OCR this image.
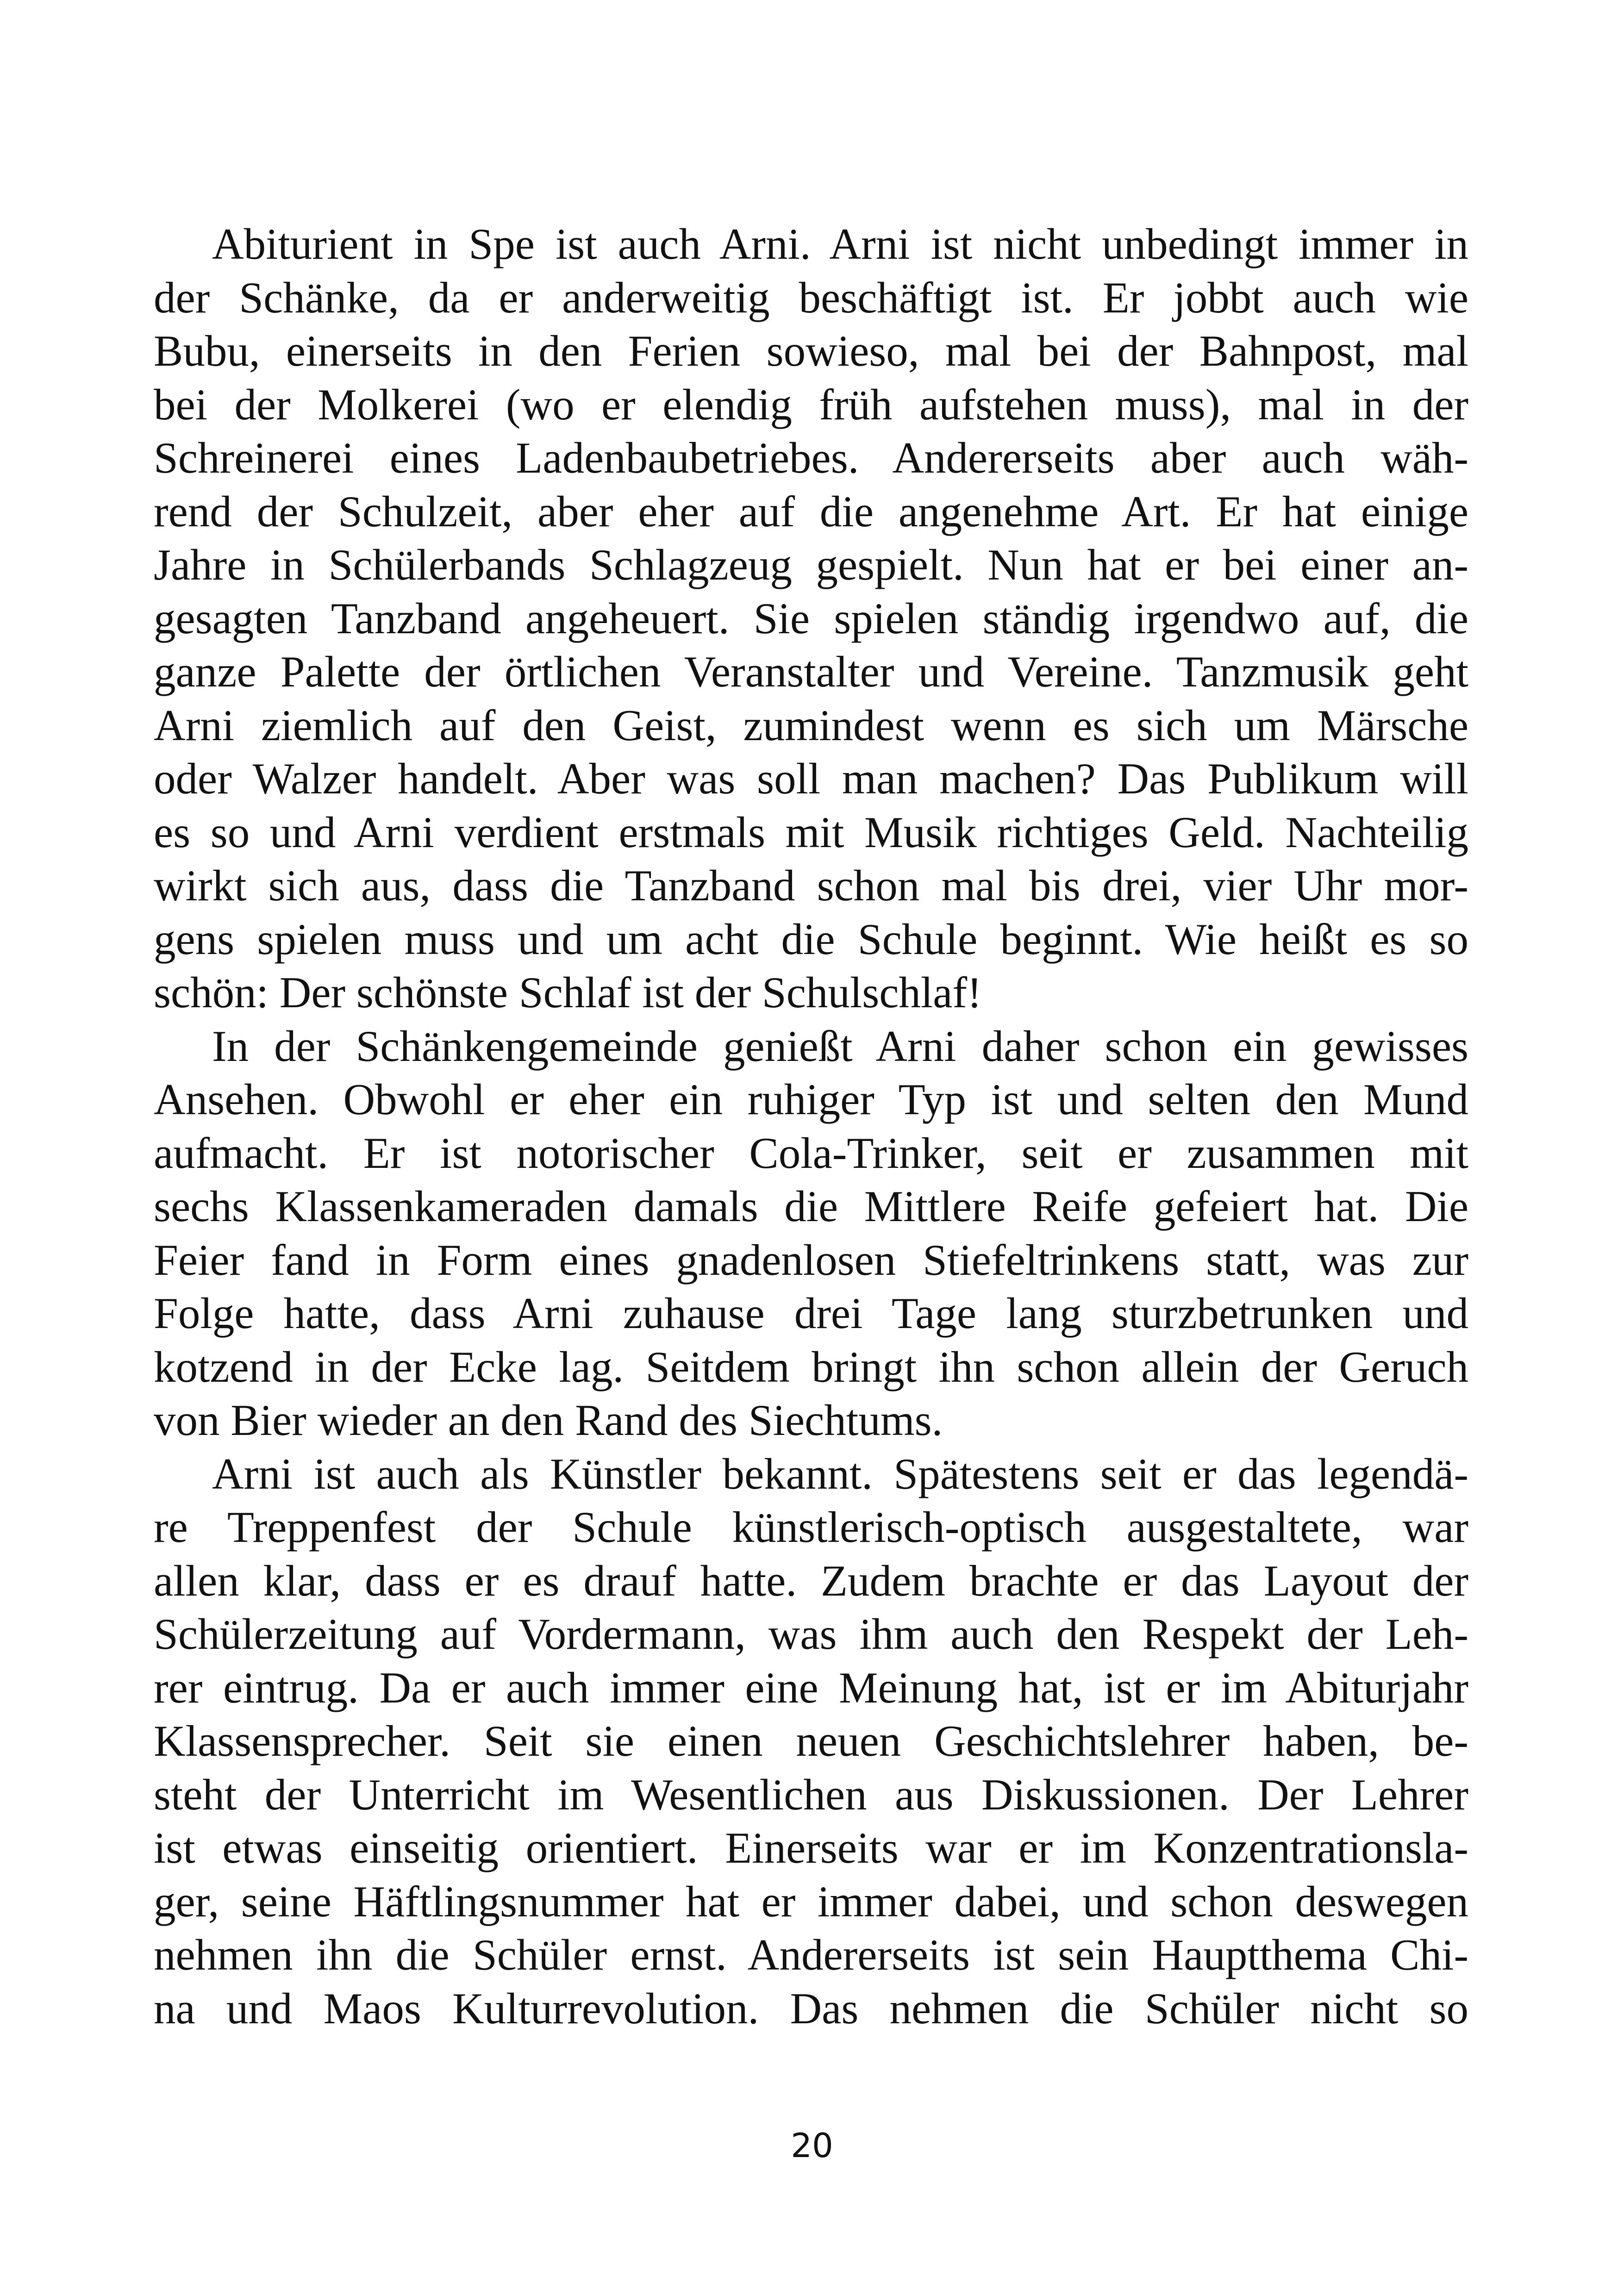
Abiturient in Spe ist auch Arni. Arni ist nicht unbedingt immer in
der Schänke, da er anderweitig beschäftigt ist. Er jobbt auch wie
Bubu, einerseits in den Ferien sowieso, mal bei der Bahnpost, mal
bei der Molkerei (wo er elendig früh aufstehen muss), mal in der
Schreinerei eines Ladenbaubetriebes. Andererseits aber auch wäh-
rend der Schulzeit, aber eher auf die angenehme Art. Er hat einige
Jahre in Schülerbands Schlagzeug gespielt. Nun hat er bei einer an-
gesagten Tanzband angeheuert. Sie spielen ständig irgendwo auf, die
ganze Palette der örtlichen Veranstalter und Vereine. Tanzmusik geht
Arni ziemlich auf den Geist, zumindest wenn es sich um Märsche
oder Walzer handelt. Aber was soll man machen? Das Publikum will
es so und Arni verdient erstmals mit Musik richtiges Geld. Nachteilig
wirkt sich aus, dass die Tanzband schon mal bis drei, vier Uhr mor-
gens spielen muss und um acht die Schule beginnt. Wie heißt es so
schön: Der schönste Schlaf ist der Schulschlaf!
In der Schänkengemeinde genießt Arni daher schon ein gewisses
Ansehen. Obwohl er eher ein ruhiger Typ ist und selten den Mund
aufmacht. Er ist notorischer Cola-Trinker, seit er zusammen mit
sechs Klassenkameraden damals die Mittlere Reife gefeiert hat. Die
Feier fand in Form eines gnadenlosen Stiefeltrinkens statt, was zur
Folge hatte, dass Arni zuhause drei Tage lang sturzbetrunken und
kotzend in der Ecke lag. Seitdem bringt ihn schon allein der Geruch
von Bier wieder an den Rand des Siechtums.
Arni ist auch als Künstler bekannt. Spätestens seit er das legendä-
re Treppenfest der Schule künstlerisch-optisch ausgestaltete, war
allen klar, dass er es drauf hatte. Zudem brachte er das Layout der
Schülerzeitung auf Vordermann, was ihm auch den Respekt der Leh-
rer eintrug. Da er auch immer eine Meinung hat, ist er im Abiturjahr
Klassensprecher. Seit sie einen neuen Geschichtslehrer haben, be-
steht der Unterricht im Wesentlichen aus Diskussionen. Der Lehrer
ist etwas einseitig orientiert. Einerseits war er im Konzentrationsla-
ger, seine Häftlingsnummer hat er immer dabei, und schon deswegen
nehmen ihn die Schüler ernst. Andererseits ist sein Hauptthema Chi-
na und Maos Kulturrevolution. Das nehmen die Schüler nicht so
20
